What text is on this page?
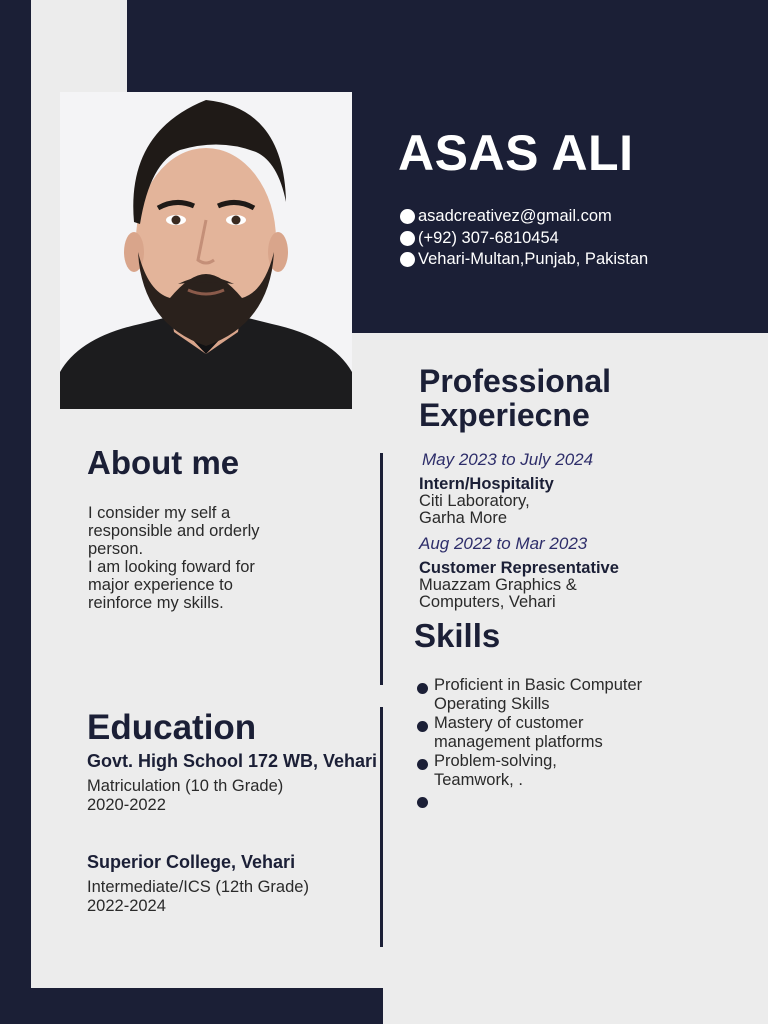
ASAS ALI
asadcreativez@gmail.com
(+92) 307-6810454
Vehari-Multan,Punjab, Pakistan
About me

I consider my self a

responsible and orderly

person.

I am looking foward for

major experience to

reinforce my skills.

Education
Govt. High School 172 WB, Vehari
Matriculation (10 th Grade)
2020-2022
Superior College, Vehari
Intermediate/ICS (12th Grade)
2022-2024
Professional
Experiecne
May 2023 to July 2024
Intern/Hospitality
Citi Laboratory,
Garha More
Aug 2022 to Mar 2023
Customer Representative
Muazzam Graphics &
Computers, Vehari
Skills
Proficient in Basic Computer
Operating Skills
Mastery of customer
management platforms
Problem-solving,
Teamwork, .
